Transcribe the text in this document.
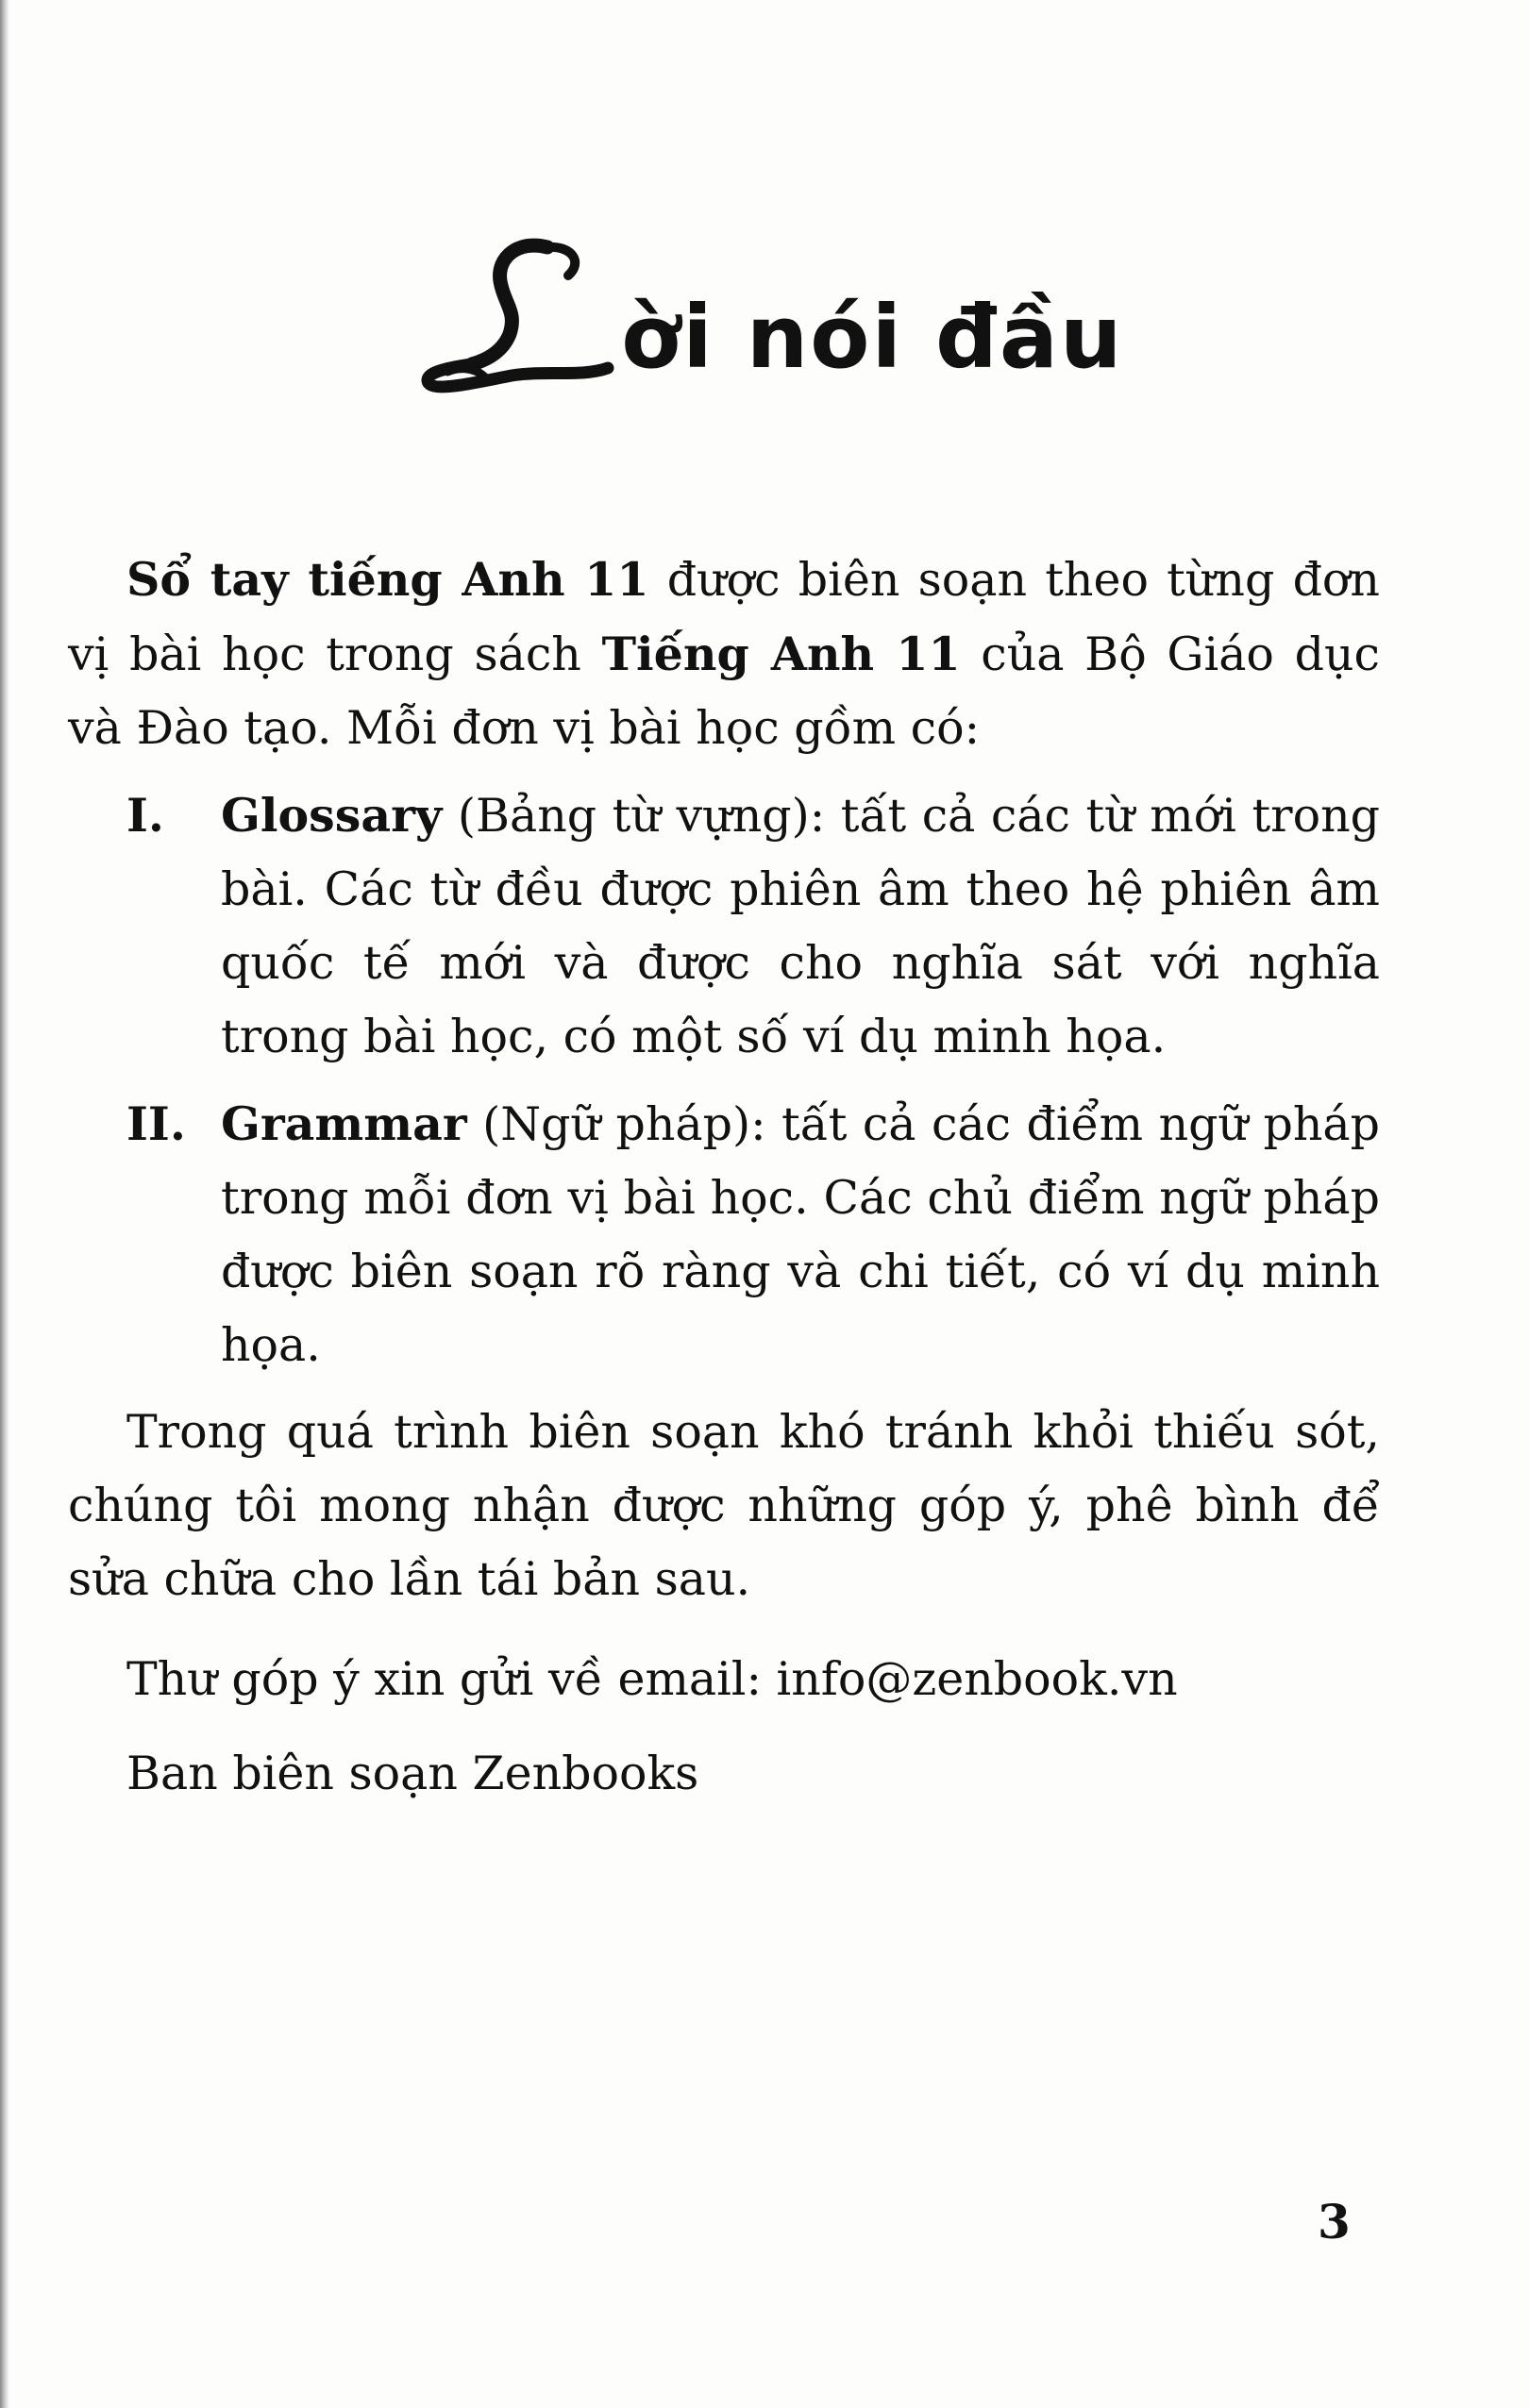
ời nói đầu

Sổ tay tiếng Anh 11 được biên soạn theo từng đơn vị bài học trong sách Tiếng Anh 11 của Bộ Giáo dục và Đào tạo. Mỗi đơn vị bài học gồm có:

I. Glossary (Bảng từ vựng): tất cả các từ mới trong bài. Các từ đều được phiên âm theo hệ phiên âm quốc tế mới và được cho nghĩa sát với nghĩa trong bài học, có một số ví dụ minh họa.
II. Grammar (Ngữ pháp): tất cả các điểm ngữ pháp trong mỗi đơn vị bài học. Các chủ điểm ngữ pháp được biên soạn rõ ràng và chi tiết, có ví dụ minh họa.

Trong quá trình biên soạn khó tránh khỏi thiếu sót, chúng tôi mong nhận được những góp ý, phê bình để sửa chữa cho lần tái bản sau.

Thư góp ý xin gửi về email: info@zenbook.vn
Ban biên soạn Zenbooks
3
